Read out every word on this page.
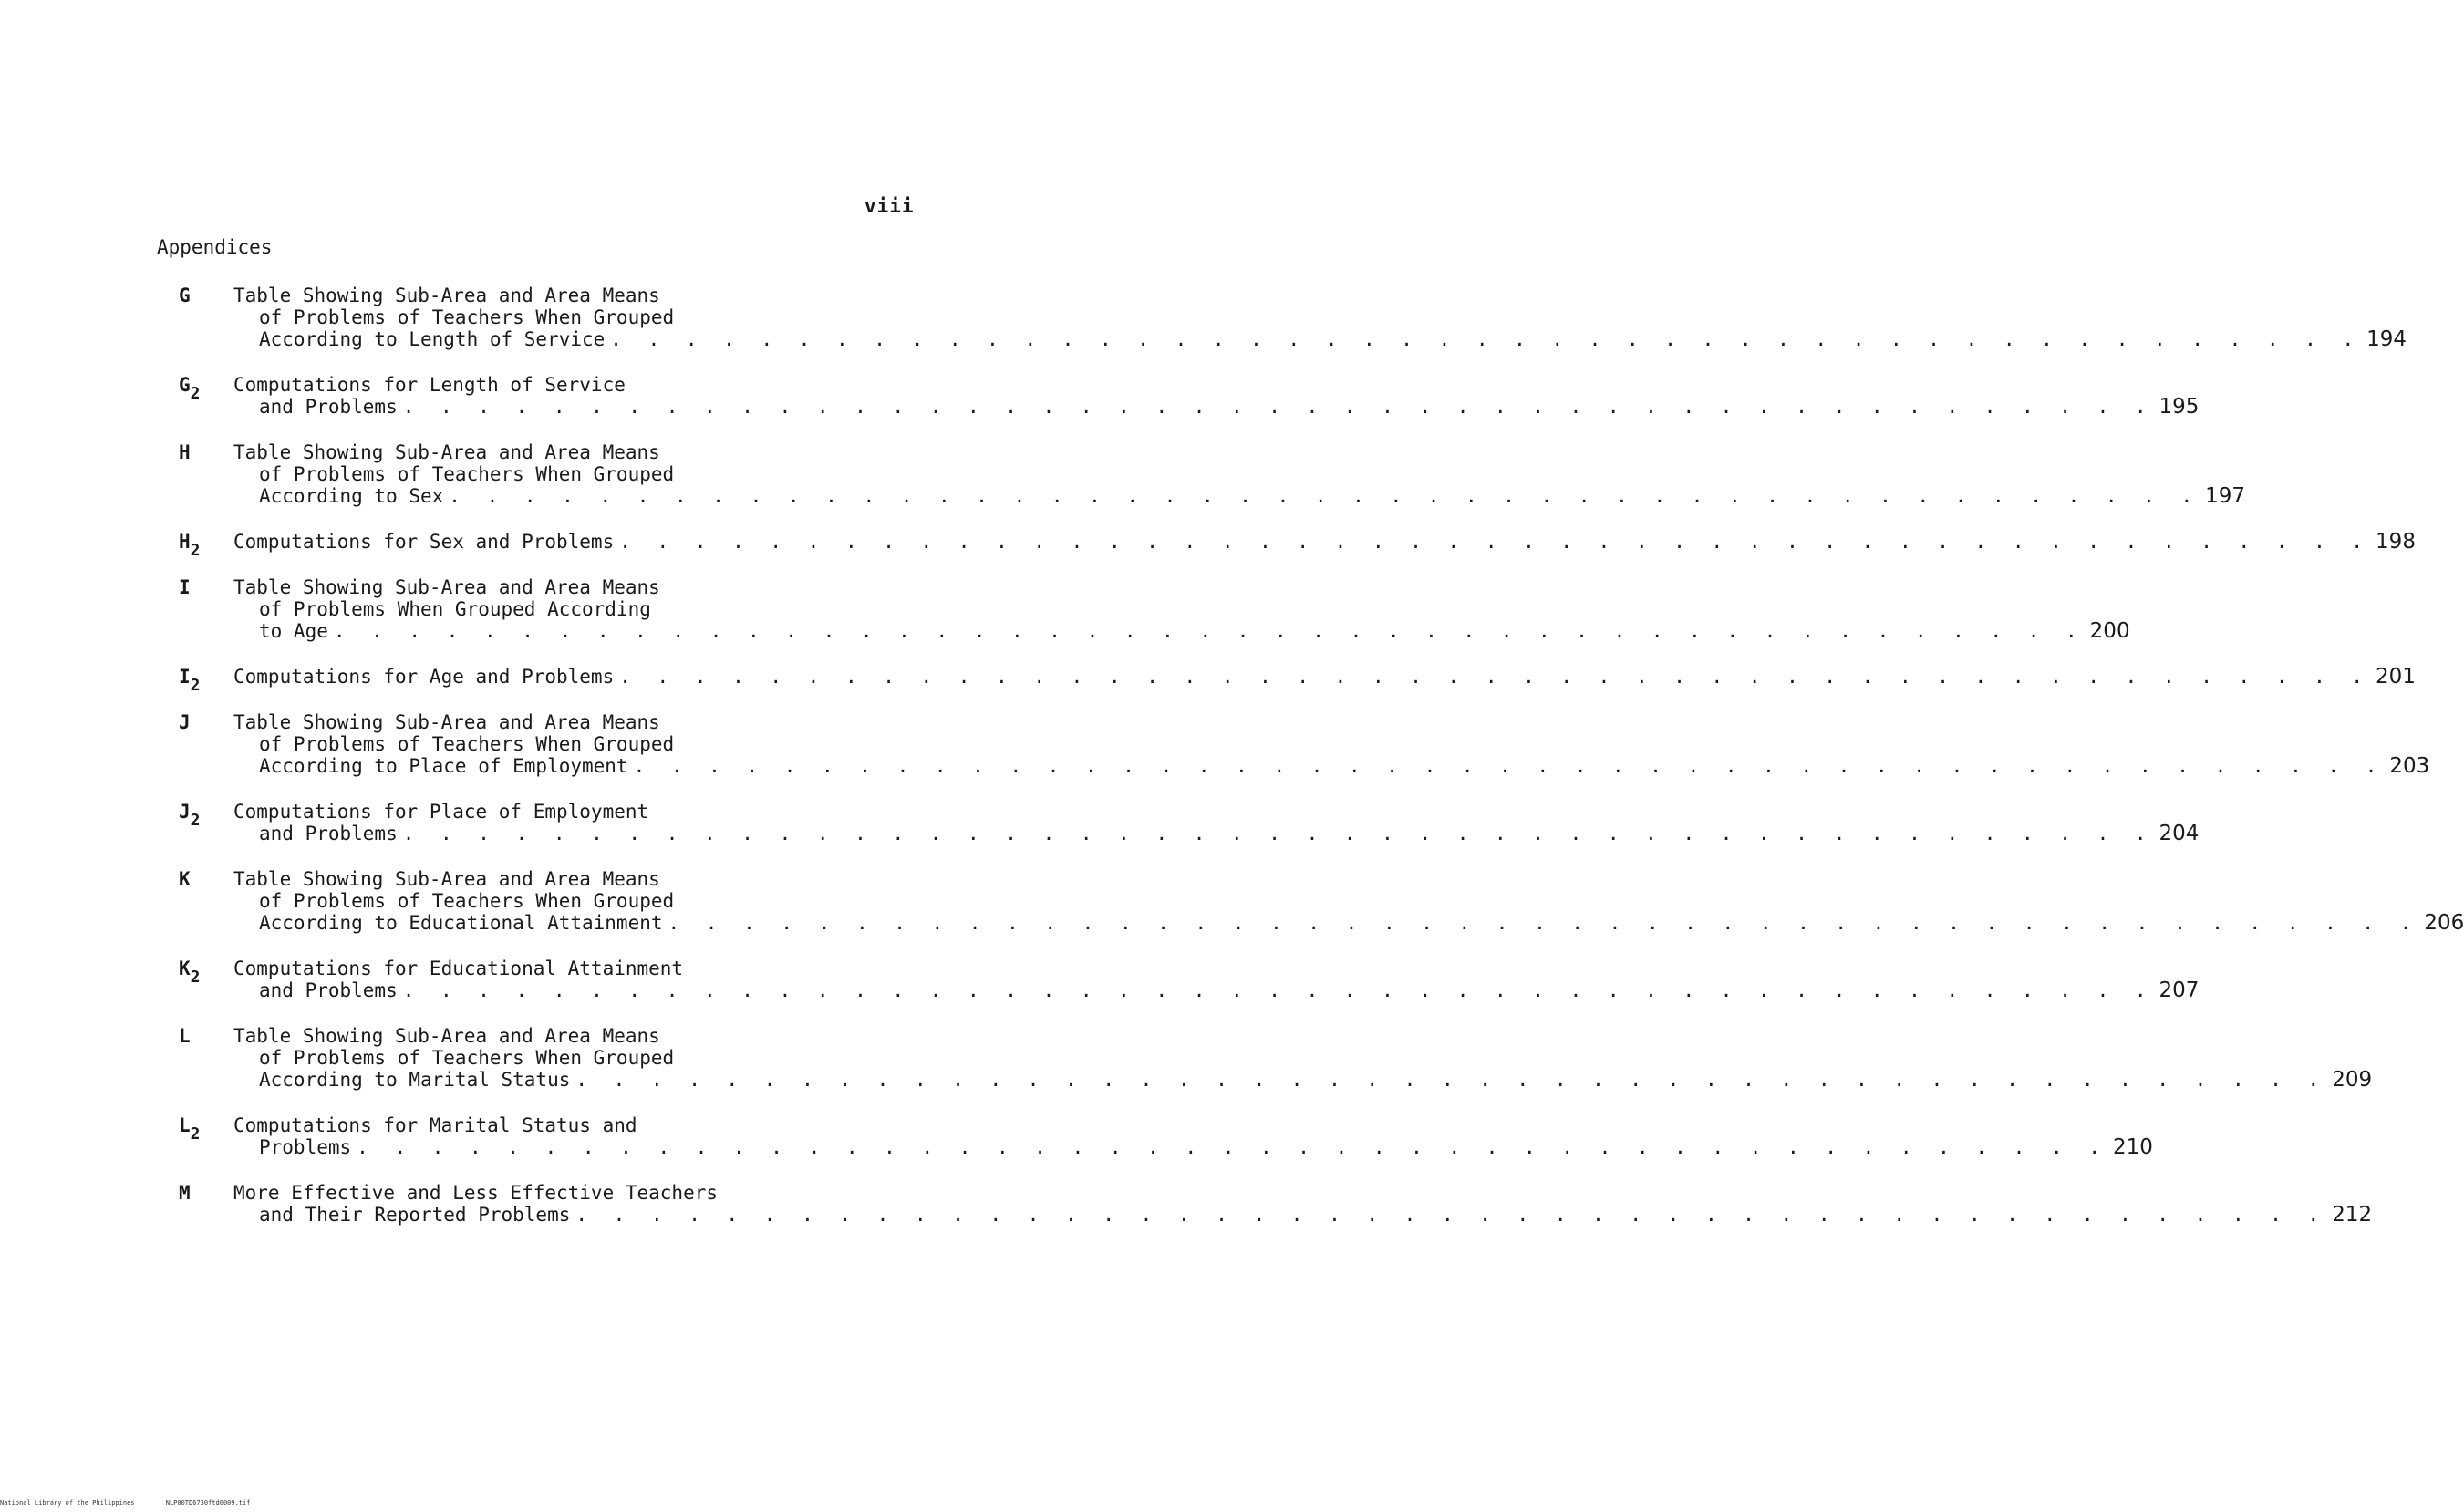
viii
Appendices
G	Table Showing Sub-Area and Area Means
of Problems of Teachers When Grouped
According to Length of Service . . .	194
$G_2$	Computations for Length of Service
and Problems . . .	195
H	Table Showing Sub-Area and Area Means
of Problems of Teachers When Grouped
According to Sex . . .	197
$H_2$	Computations for Sex and Problems . . .	198
I	Table Showing Sub-Area and Area Means
of Problems When Grouped According
to Age . . .	200
$I_2$	Computations for Age and Problems . . .	201
J	Table Showing Sub-Area and Area Means
of Problems of Teachers When Grouped
According to Place of Employment . . .	203
$J_2$	Computations for Place of Employment
and Problems . . .	204
K	Table Showing Sub-Area and Area Means
of Problems of Teachers When Grouped
According to Educational Attainment . . .	206
$K_2$	Computations for Educational Attainment
and Problems . . .	207
L	Table Showing Sub-Area and Area Means
of Problems of Teachers When Grouped
According to Marital Status . . .	209
$L_2$	Computations for Marital Status and
Problems . . .	210
M	More Effective and Less Effective Teachers
and Their Reported Problems . . .	212
National Library of the Philippines	NLP00TD6730ftd0009.tif
